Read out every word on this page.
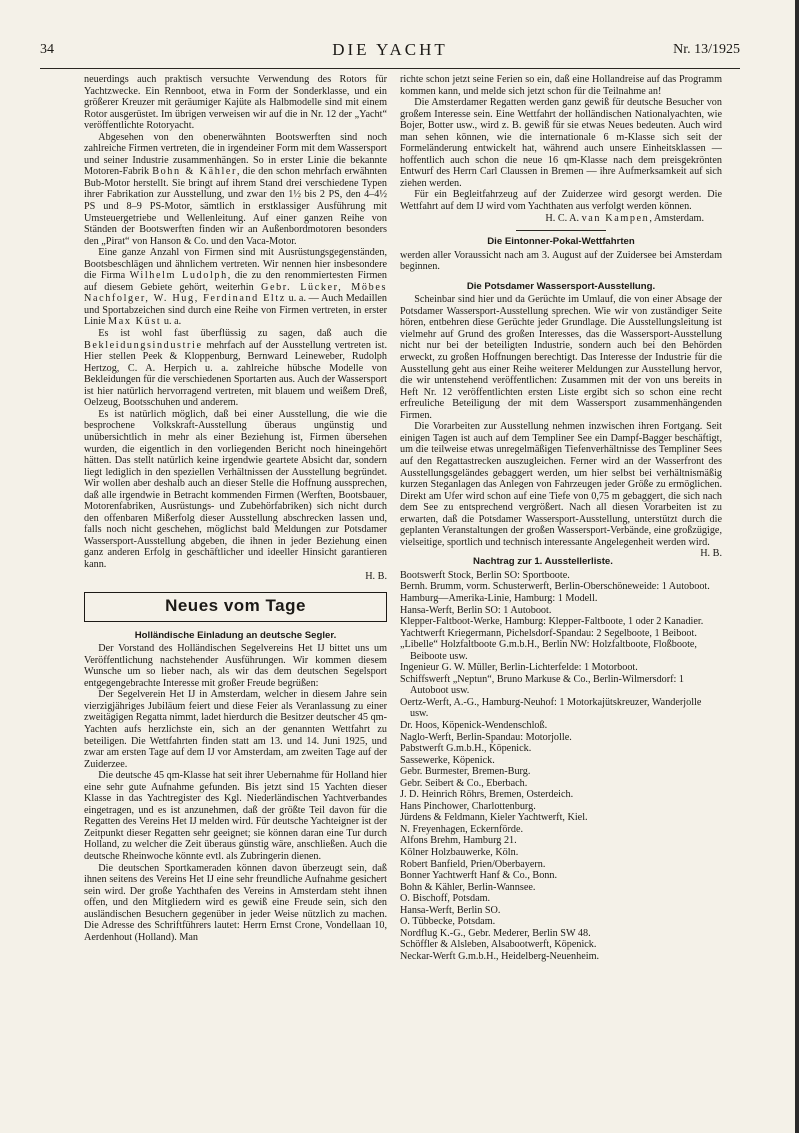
34	DIE YACHT	Nr. 13/1925

neuerdings auch praktisch versuchte Verwendung des Rotors für Yachtzwecke. Ein Rennboot, etwa in Form der Sonderklasse, und ein größerer Kreuzer mit geräumiger Kajüte als Halbmodelle sind mit einem Rotor ausgerüstet. Im übrigen verweisen wir auf die in Nr. 12 der „Yacht“ veröffentlichte Rotoryacht.

Abgesehen von den obenerwähnten Bootswerften sind noch zahlreiche Firmen vertreten, die in irgendeiner Form mit dem Wassersport und seiner Industrie zusammenhängen. So in erster Linie die bekannte Motoren-Fabrik Bohn & Kähler, die den schon mehrfach erwähnten Bub-Motor herstellt. Sie bringt auf ihrem Stand drei verschiedene Typen ihrer Fabrikation zur Ausstellung, und zwar den 1½ bis 2 PS, den 4–4½ PS und 8–9 PS-Motor, sämtlich in erstklassiger Ausführung mit Umsteuergetriebe und Wellenleitung. Auf einer ganzen Reihe von Ständen der Bootswerften finden wir an Außenbordmotoren besonders den „Pirat“ von Hanson & Co. und den Vaca-Motor.

Eine ganze Anzahl von Firmen sind mit Ausrüstungsgegenständen, Bootsbeschlägen und ähnlichem vertreten. Wir nennen hier insbesondere die Firma Wilhelm Ludolph, die zu den renommiertesten Firmen auf diesem Gebiete gehört, weiterhin Gebr. Lücker, Möbes Nachfolger, W. Hug, Ferdinand Eltz u. a. — Auch Medaillen und Sportabzeichen sind durch eine Reihe von Firmen vertreten, in erster Linie Max Küst u. a.

Es ist wohl fast überflüssig zu sagen, daß auch die Bekleidungsindustrie mehrfach auf der Ausstellung vertreten ist. Hier stellen Peek & Kloppenburg, Bernward Leineweber, Rudolph Hertzog, C. A. Herpich u. a. zahlreiche hübsche Modelle von Bekleidungen für die verschiedenen Sportarten aus. Auch der Wassersport ist hier natürlich hervorragend vertreten, mit blauem und weißem Dreß, Oelzeug, Bootsschuhen und anderem.

Es ist natürlich möglich, daß bei einer Ausstellung, die wie die besprochene Volkskraft-Ausstellung überaus ungünstig und unübersichtlich in mehr als einer Beziehung ist, Firmen übersehen wurden, die eigentlich in den vorliegenden Bericht noch hineingehört hätten. Das stellt natürlich keine irgendwie geartete Absicht dar, sondern liegt lediglich in den speziellen Verhältnissen der Ausstellung begründet. Wir wollen aber deshalb auch an dieser Stelle die Hoffnung aussprechen, daß alle irgendwie in Betracht kommenden Firmen (Werften, Bootsbauer, Motorenfabriken, Ausrüstungs- und Zubehörfabriken) sich nicht durch den offenbaren Mißerfolg dieser Ausstellung abschrecken lassen und, falls noch nicht geschehen, möglichst bald Meldungen zur Potsdamer Wassersport-Ausstellung abgeben, die ihnen in jeder Beziehung einen ganz anderen Erfolg in geschäftlicher und ideeller Hinsicht garantieren kann.

H. B.

Neues vom Tage

Holländische Einladung an deutsche Segler.

Der Vorstand des Holländischen Segelvereins Het IJ bittet uns um Veröffentlichung nachstehender Ausführungen. Wir kommen diesem Wunsche um so lieber nach, als wir das dem deutschen Segelsport entgegengebrachte Interesse mit großer Freude begrüßen:

Der Segelverein Het IJ in Amsterdam, welcher in diesem Jahre sein vierzigjähriges Jubiläum feiert und diese Feier als Veranlassung zu einer zweitägigen Regatta nimmt, ladet hierdurch die Besitzer deutscher 45 qm-Yachten aufs herzlichste ein, sich an der genannten Wettfahrt zu beteiligen. Die Wettfahrten finden statt am 13. und 14. Juni 1925, und zwar am ersten Tage auf dem IJ vor Amsterdam, am zweiten Tage auf der Zuiderzee.

Die deutsche 45 qm-Klasse hat seit ihrer Uebernahme für Holland hier eine sehr gute Aufnahme gefunden. Bis jetzt sind 15 Yachten dieser Klasse in das Yachtregister des Kgl. Niederländischen Yachtverbandes eingetragen, und es ist anzunehmen, daß der größte Teil davon für die Regatten des Vereins Het IJ melden wird. Für deutsche Yachteigner ist der Zeitpunkt dieser Regatten sehr geeignet; sie können daran eine Tur durch Holland, zu welcher die Zeit überaus günstig wäre, anschließen. Auch die deutsche Rheinwoche könnte evtl. als Zubringerin dienen.

Die deutschen Sportkameraden können davon überzeugt sein, daß ihnen seitens des Vereins Het IJ eine sehr freundliche Aufnahme gesichert sein wird. Der große Yachthafen des Vereins in Amsterdam steht ihnen offen, und den Mitgliedern wird es gewiß eine Freude sein, sich den ausländischen Besuchern gegenüber in jeder Weise nützlich zu machen. Die Adresse des Schriftführers lautet: Herrn Ernst Crone, Vondellaan 10, Aerdenhout (Holland). Man

richte schon jetzt seine Ferien so ein, daß eine Hollandreise auf das Programm kommen kann, und melde sich jetzt schon für die Teilnahme an!

Die Amsterdamer Regatten werden ganz gewiß für deutsche Besucher von großem Interesse sein. Eine Wettfahrt der holländischen Nationalyachten, wie Bojer, Botter usw., wird z. B. gewiß für sie etwas Neues bedeuten. Auch wird man sehen können, wie die internationale 6 m-Klasse sich seit der Formeländerung entwickelt hat, während auch unsere Einheitsklassen — hoffentlich auch schon die neue 16 qm-Klasse nach dem preisgekrönten Entwurf des Herrn Carl Claussen in Bremen — ihre Aufmerksamkeit auf sich ziehen werden.

Für ein Begleitfahrzeug auf der Zuiderzee wird gesorgt werden. Die Wettfahrt auf dem IJ wird vom Yachthaten aus verfolgt werden können.

H. C. A. van Kampen, Amsterdam.

Die Eintonner-Pokal-Wettfahrten

werden aller Voraussicht nach am 3. August auf der Zuidersee bei Amsterdam beginnen.

Die Potsdamer Wassersport-Ausstellung.

Scheinbar sind hier und da Gerüchte im Umlauf, die von einer Absage der Potsdamer Wassersport-Ausstellung sprechen. Wie wir von zuständiger Seite hören, entbehren diese Gerüchte jeder Grundlage. Die Ausstellungsleitung ist vielmehr auf Grund des großen Interesses, das die Wassersport-Ausstellung nicht nur bei der beteiligten Industrie, sondern auch bei den Behörden erweckt, zu großen Hoffnungen berechtigt. Das Interesse der Industrie für die Ausstellung geht aus einer Reihe weiterer Meldungen zur Ausstellung hervor, die wir untenstehend veröffentlichen: Zusammen mit der von uns bereits in Heft Nr. 12 veröffentlichten ersten Liste ergibt sich so schon eine recht erfreuliche Beteiligung der mit dem Wassersport zusammenhängenden Firmen.

Die Vorarbeiten zur Ausstellung nehmen inzwischen ihren Fortgang. Seit einigen Tagen ist auch auf dem Templiner See ein Dampf-Bagger beschäftigt, um die teilweise etwas unregelmäßigen Tiefenverhältnisse des Templiner Sees auf den Regattastrecken auszugleichen. Ferner wird an der Wasserfront des Ausstellungsgeländes gebaggert werden, um hier selbst bei verhältnismäßig kurzen Steganlagen das Anlegen von Fahrzeugen jeder Größe zu ermöglichen. Direkt am Ufer wird schon auf eine Tiefe von 0,75 m gebaggert, die sich nach dem See zu entsprechend vergrößert. Nach all diesen Vorarbeiten ist zu erwarten, daß die Potsdamer Wassersport-Ausstellung, unterstützt durch die geplanten Veranstaltungen der großen Wassersport-Verbände, eine großzügige, vielseitige, sportlich und technisch interessante Angelegenheit werden wird.
H. B.

Nachtrag zur 1. Ausstellerliste.

Bootswerft Stock, Berlin SO: Sportboote.
Bernh. Brumm, vorm. Schusterwerft, Berlin-Oberschöneweide: 1 Autoboot.
Hamburg—Amerika-Linie, Hamburg: 1 Modell.
Hansa-Werft, Berlin SO: 1 Autoboot.
Klepper-Faltboot-Werke, Hamburg: Klepper-Faltboote, 1 oder 2 Kanadier.
Yachtwerft Kriegermann, Pichelsdorf-Spandau: 2 Segelboote, 1 Beiboot.
„Libelle“ Holzfaltboote G.m.b.H., Berlin NW: Holzfaltboote, Floßboote, Beiboote usw.
Ingenieur G. W. Müller, Berlin-Lichterfelde: 1 Motorboot.
Schiffswerft „Neptun“, Bruno Markuse & Co., Berlin-Wilmersdorf: 1 Autoboot usw.
Oertz-Werft, A.-G., Hamburg-Neuhof: 1 Motorkajütskreuzer, Wanderjolle usw.
Dr. Hoos, Köpenick-Wendenschloß.
Naglo-Werft, Berlin-Spandau: Motorjolle.
Pabstwerft G.m.b.H., Köpenick.
Sassewerke, Köpenick.
Gebr. Burmester, Bremen-Burg.
Gebr. Seibert & Co., Eberbach.
J. D. Heinrich Röhrs, Bremen, Osterdeich.
Hans Pinchower, Charlottenburg.
Jürdens & Feldmann, Kieler Yachtwerft, Kiel.
N. Freyenhagen, Eckernförde.
Alfons Brehm, Hamburg 21.
Kölner Holzbauwerke, Köln.
Robert Banfield, Prien/Oberbayern.
Bonner Yachtwerft Hanf & Co., Bonn.
Bohn & Kähler, Berlin-Wannsee.
O. Bischoff, Potsdam.
Hansa-Werft, Berlin SO.
O. Tübbecke, Potsdam.
Nordflug K.-G., Gebr. Mederer, Berlin SW 48.
Schöffler & Alsleben, Alsabootwerft, Köpenick.
Neckar-Werft G.m.b.H., Heidelberg-Neuenheim.
